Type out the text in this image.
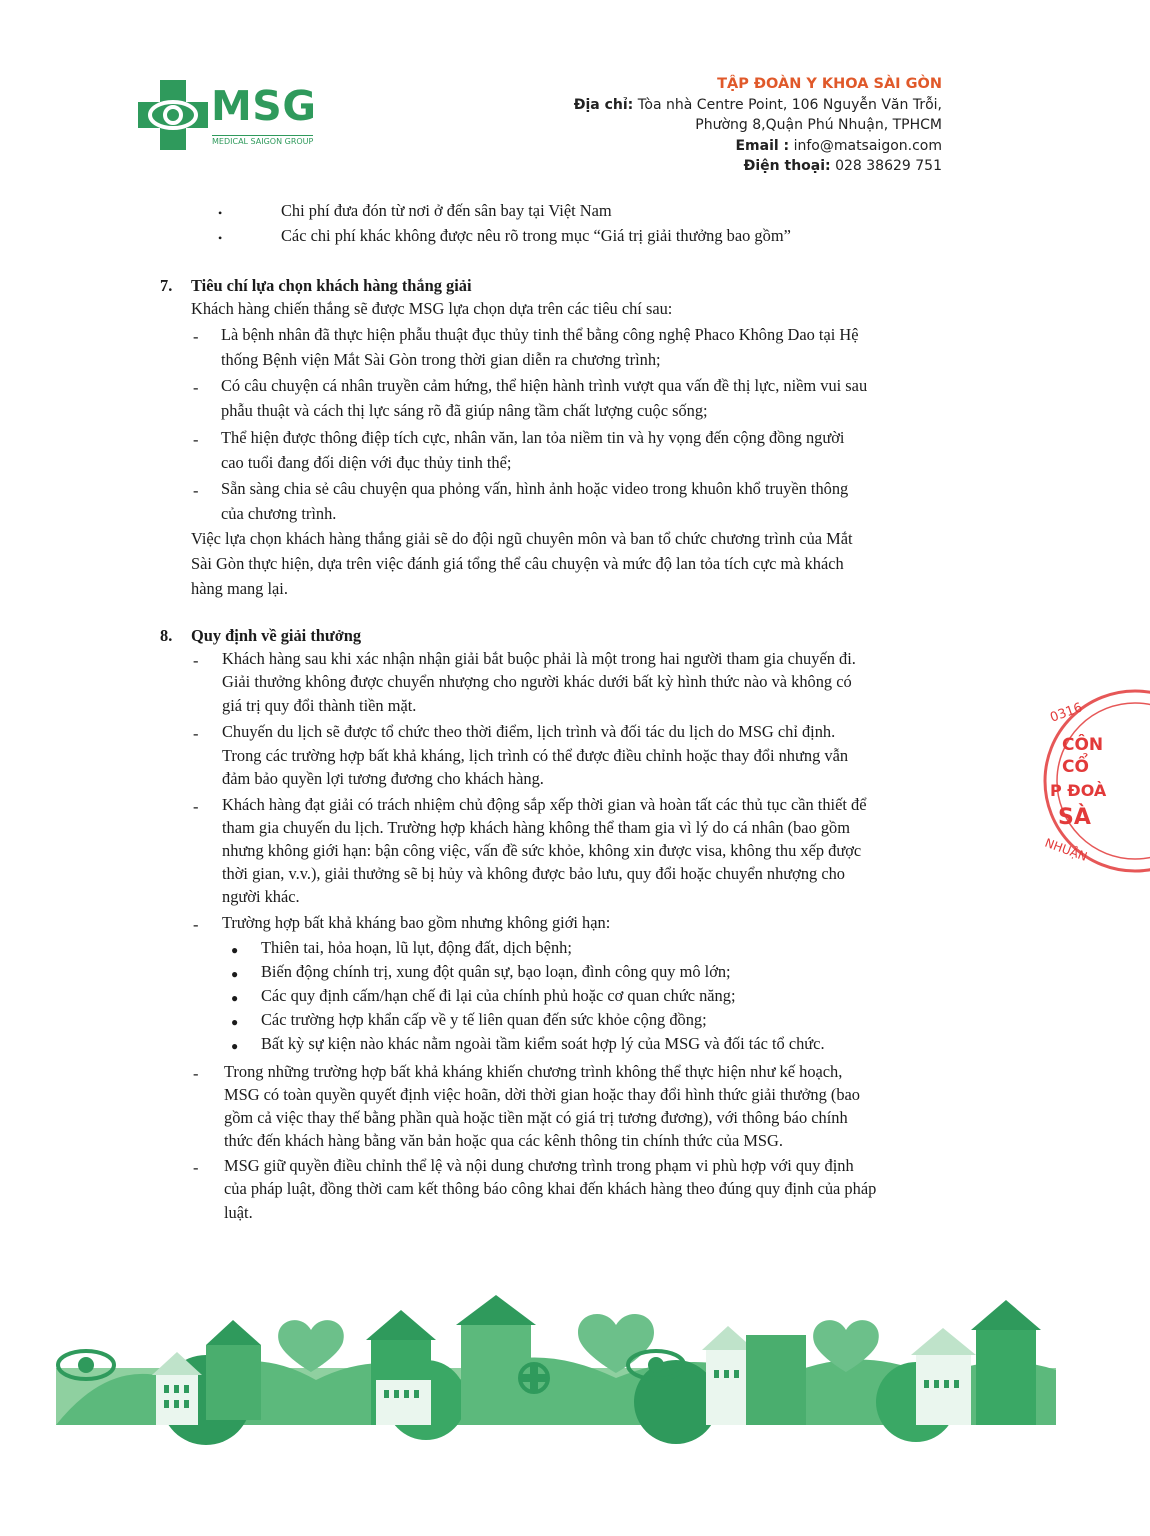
MSG
MEDICAL SAIGON GROUP
TẬP ĐOÀN Y KHOA SÀI GÒN
Địa chỉ: Tòa nhà Centre Point, 106 Nguyễn Văn Trỗi,
Phường 8,Quận Phú Nhuận, TPHCM
Email : info@matsaigon.com
Điện thoại: 028 38629 751
•	Chi phí đưa đón từ nơi ở đến sân bay tại Việt Nam
•	Các chi phí khác không được nêu rõ trong mục “Giá trị giải thưởng bao gồm”
7. Tiêu chí lựa chọn khách hàng thắng giải
Khách hàng chiến thắng sẽ được MSG lựa chọn dựa trên các tiêu chí sau:
- Là bệnh nhân đã thực hiện phẫu thuật đục thủy tinh thể bằng công nghệ Phaco Không Dao tại Hệ
thống Bệnh viện Mắt Sài Gòn trong thời gian diễn ra chương trình;
- Có câu chuyện cá nhân truyền cảm hứng, thể hiện hành trình vượt qua vấn đề thị lực, niềm vui sau
phẫu thuật và cách thị lực sáng rõ đã giúp nâng tầm chất lượng cuộc sống;
- Thể hiện được thông điệp tích cực, nhân văn, lan tỏa niềm tin và hy vọng đến cộng đồng người
cao tuổi đang đối diện với đục thủy tinh thể;
- Sẵn sàng chia sẻ câu chuyện qua phỏng vấn, hình ảnh hoặc video trong khuôn khổ truyền thông
của chương trình.
Việc lựa chọn khách hàng thắng giải sẽ do đội ngũ chuyên môn và ban tổ chức chương trình của Mắt
Sài Gòn thực hiện, dựa trên việc đánh giá tổng thể câu chuyện và mức độ lan tỏa tích cực mà khách
hàng mang lại.
8. Quy định về giải thưởng
- Khách hàng sau khi xác nhận nhận giải bắt buộc phải là một trong hai người tham gia chuyến đi.
Giải thưởng không được chuyển nhượng cho người khác dưới bất kỳ hình thức nào và không có
giá trị quy đổi thành tiền mặt.
- Chuyến du lịch sẽ được tổ chức theo thời điểm, lịch trình và đối tác du lịch do MSG chỉ định.
Trong các trường hợp bất khả kháng, lịch trình có thể được điều chỉnh hoặc thay đổi nhưng vẫn
đảm bảo quyền lợi tương đương cho khách hàng.
- Khách hàng đạt giải có trách nhiệm chủ động sắp xếp thời gian và hoàn tất các thủ tục cần thiết để
tham gia chuyến du lịch. Trường hợp khách hàng không thể tham gia vì lý do cá nhân (bao gồm
nhưng không giới hạn: bận công việc, vấn đề sức khỏe, không xin được visa, không thu xếp được
thời gian, v.v.), giải thưởng sẽ bị hủy và không được bảo lưu, quy đổi hoặc chuyển nhượng cho
người khác.
- Trường hợp bất khả kháng bao gồm nhưng không giới hạn:
● Thiên tai, hỏa hoạn, lũ lụt, động đất, dịch bệnh;
● Biến động chính trị, xung đột quân sự, bạo loạn, đình công quy mô lớn;
● Các quy định cấm/hạn chế đi lại của chính phủ hoặc cơ quan chức năng;
● Các trường hợp khẩn cấp về y tế liên quan đến sức khỏe cộng đồng;
● Bất kỳ sự kiện nào khác nằm ngoài tầm kiểm soát hợp lý của MSG và đối tác tổ chức.
- Trong những trường hợp bất khả kháng khiến chương trình không thể thực hiện như kế hoạch,
MSG có toàn quyền quyết định việc hoãn, dời thời gian hoặc thay đổi hình thức giải thưởng (bao
gồm cả việc thay thế bằng phần quà hoặc tiền mặt có giá trị tương đương), với thông báo chính
thức đến khách hàng bằng văn bản hoặc qua các kênh thông tin chính thức của MSG.
- MSG giữ quyền điều chỉnh thể lệ và nội dung chương trình trong phạm vi phù hợp với quy định
của pháp luật, đồng thời cam kết thông báo công khai đến khách hàng theo đúng quy định của pháp
luật.
0316
CÔN
CỔ
P ĐOÀ
SÀ
NHUẬN
